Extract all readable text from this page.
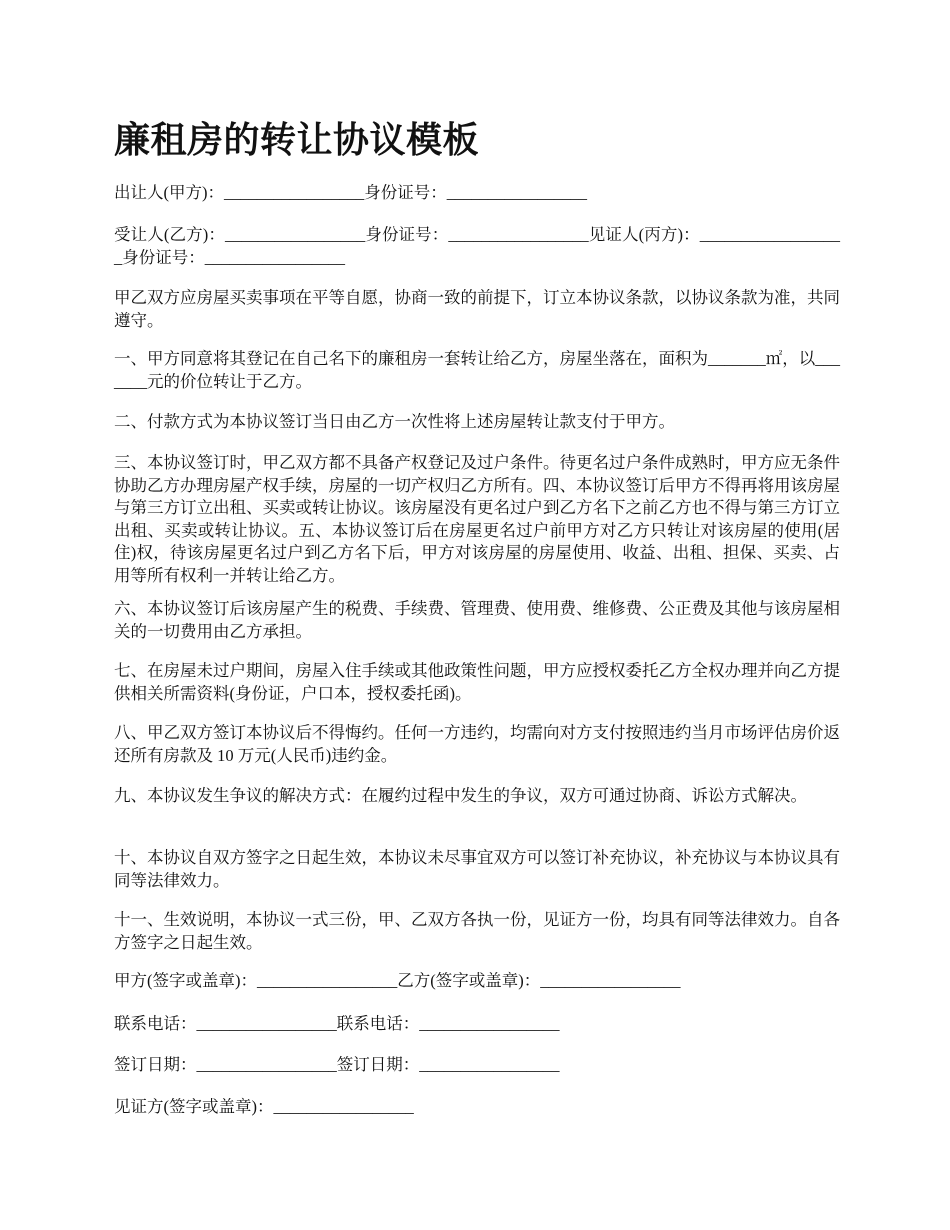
廉租房的转让协议模板

出让人(甲方)：_________________身份证号：_________________

受让人(乙方)：_________________身份证号：_________________见证人(丙方)：__________________身份证号：_________________

甲乙双方应房屋买卖事项在平等自愿，协商一致的前提下，订立本协议条款，以协议条款为准，共同遵守。

一、甲方同意将其登记在自己名下的廉租房一套转让给乙方，房屋坐落在，面积为_______㎡，以_______元的价位转让于乙方。

二、付款方式为本协议签订当日由乙方一次性将上述房屋转让款支付于甲方。

三、本协议签订时，甲乙双方都不具备产权登记及过户条件。待更名过户条件成熟时，甲方应无条件协助乙方办理房屋产权手续，房屋的一切产权归乙方所有。四、本协议签订后甲方不得再将用该房屋与第三方订立出租、买卖或转让协议。该房屋没有更名过户到乙方名下之前乙方也不得与第三方订立出租、买卖或转让协议。五、本协议签订后在房屋更名过户前甲方对乙方只转让对该房屋的使用(居住)权，待该房屋更名过户到乙方名下后，甲方对该房屋的房屋使用、收益、出租、担保、买卖、占用等所有权利一并转让给乙方。

六、本协议签订后该房屋产生的税费、手续费、管理费、使用费、维修费、公正费及其他与该房屋相关的一切费用由乙方承担。

七、在房屋未过户期间，房屋入住手续或其他政策性问题，甲方应授权委托乙方全权办理并向乙方提供相关所需资料(身份证，户口本，授权委托函)。

八、甲乙双方签订本协议后不得悔约。任何一方违约，均需向对方支付按照违约当月市场评估房价返还所有房款及 10 万元(人民币)违约金。

九、本协议发生争议的解决方式：在履约过程中发生的争议，双方可通过协商、诉讼方式解决。

十、本协议自双方签字之日起生效，本协议未尽事宜双方可以签订补充协议，补充协议与本协议具有同等法律效力。

十一、生效说明，本协议一式三份，甲、乙双方各执一份，见证方一份，均具有同等法律效力。自各方签字之日起生效。

甲方(签字或盖章)：_________________乙方(签字或盖章)：_________________

联系电话：_________________联系电话：_________________

签订日期：_________________签订日期：_________________

见证方(签字或盖章)：_________________
